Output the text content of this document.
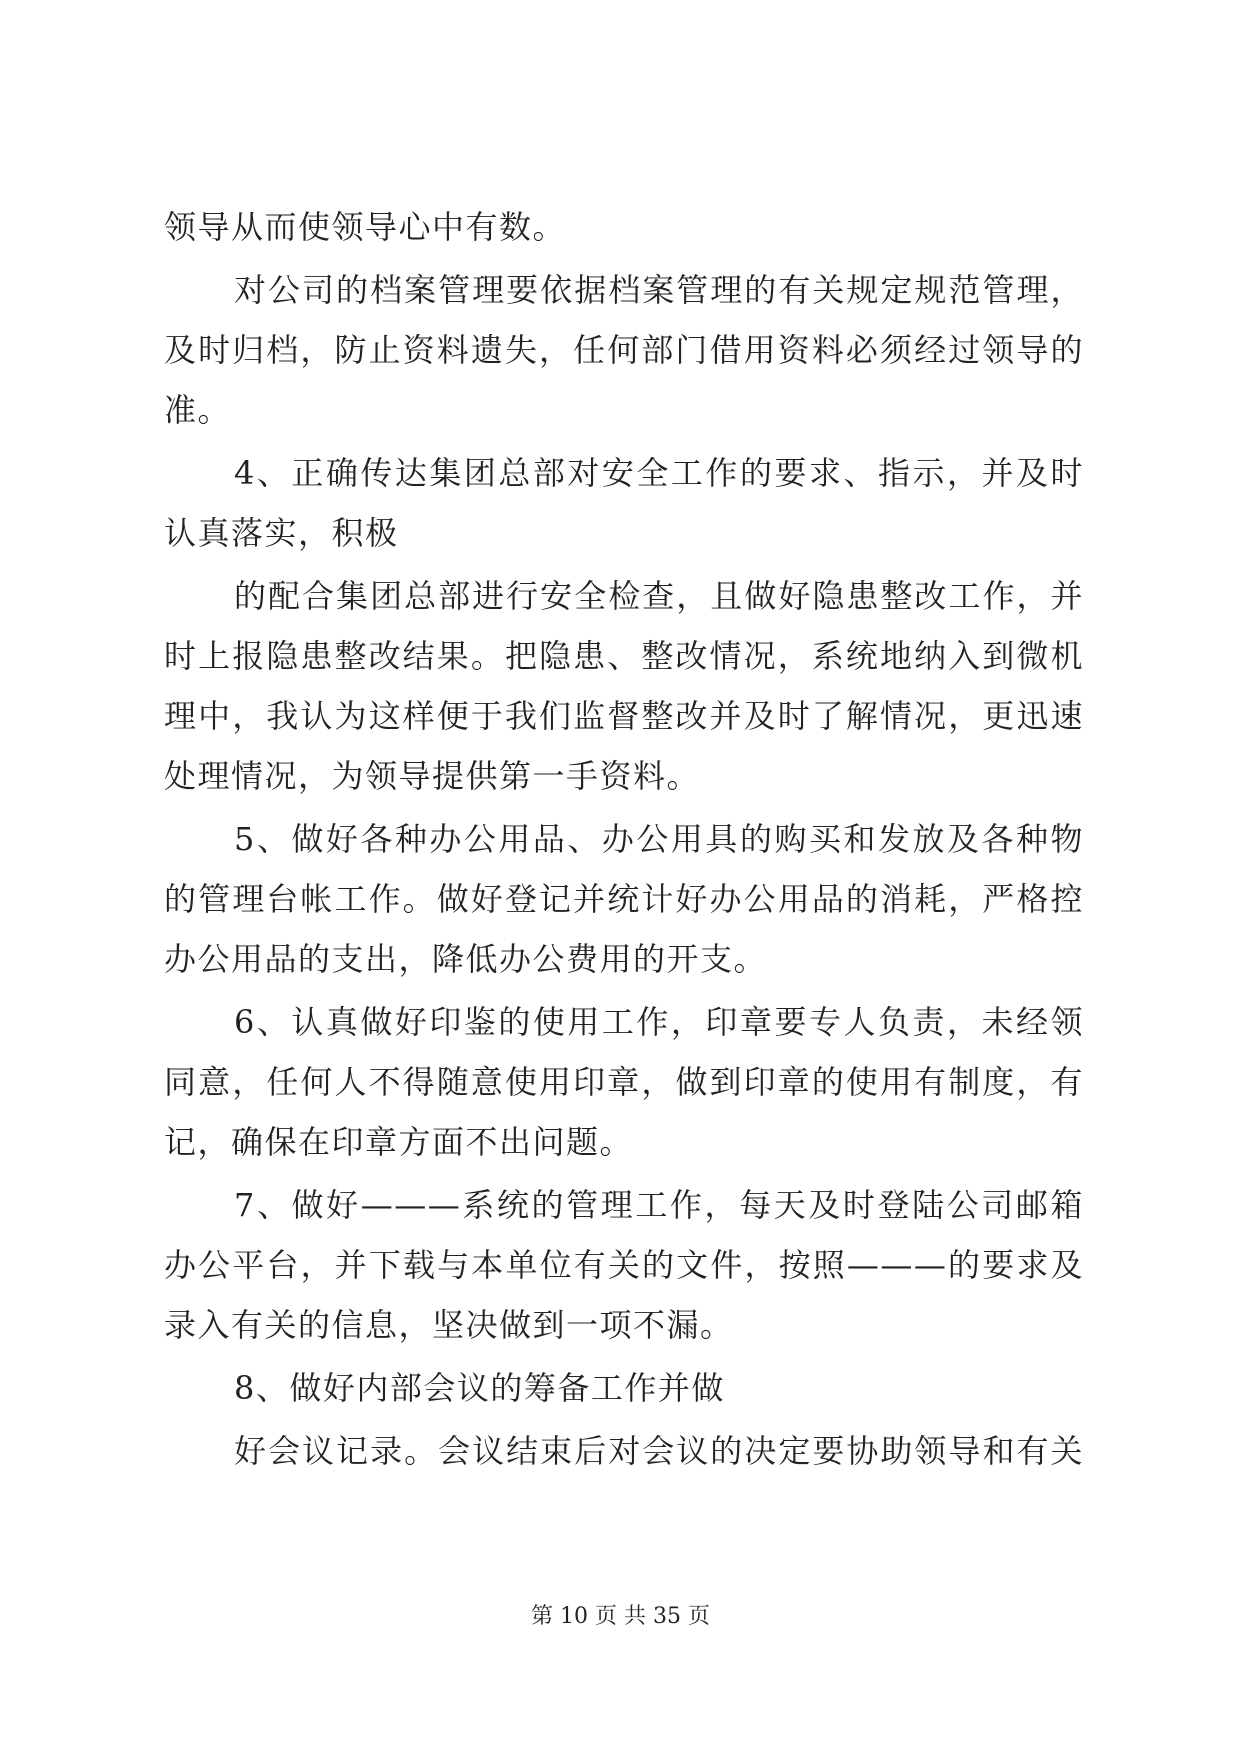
领导从而使领导心中有数。
对公司的档案管理要依据档案管理的有关规定规范管理，
及时归档，防止资料遗失，任何部门借用资料必须经过领导的
准。
4、正确传达集团总部对安全工作的要求、指示，并及时
认真落实，积极
的配合集团总部进行安全检查，且做好隐患整改工作，并
时上报隐患整改结果。把隐患、整改情况，系统地纳入到微机
理中，我认为这样便于我们监督整改并及时了解情况，更迅速
处理情况，为领导提供第一手资料。
5、做好各种办公用品、办公用具的购买和发放及各种物
的管理台帐工作。做好登记并统计好办公用品的消耗，严格控
办公用品的支出，降低办公费用的开支。
6、认真做好印鉴的使用工作，印章要专人负责，未经领
同意，任何人不得随意使用印章，做到印章的使用有制度，有
记，确保在印章方面不出问题。
7、做好———系统的管理工作，每天及时登陆公司邮箱
办公平台，并下载与本单位有关的文件，按照———的要求及
录入有关的信息，坚决做到一项不漏。
8、做好内部会议的筹备工作并做
好会议记录。会议结束后对会议的决定要协助领导和有关
第 10 页 共 35 页
